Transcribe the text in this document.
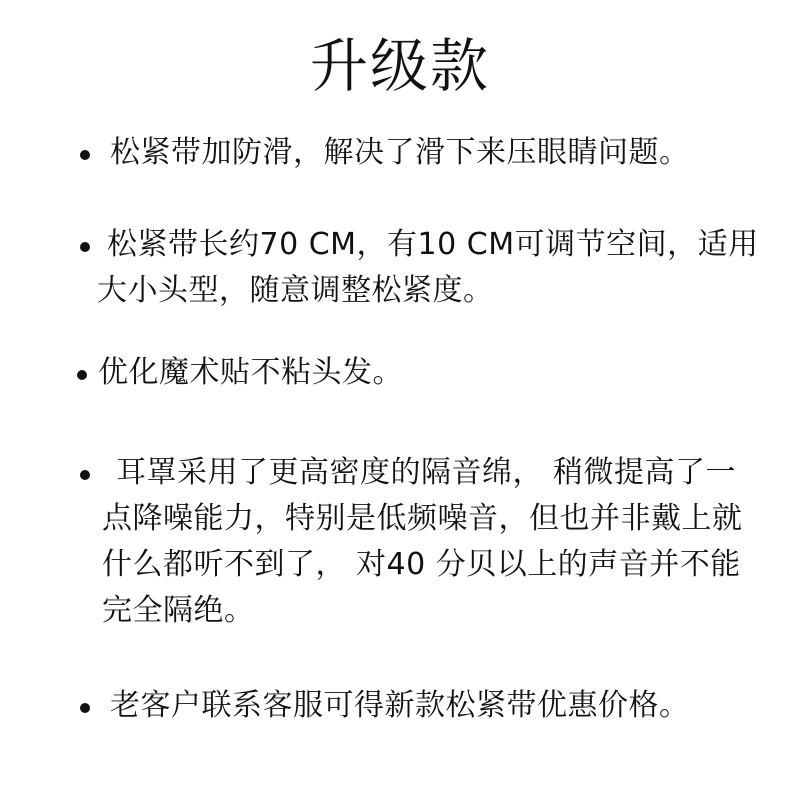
升级款

松紧带加防滑，解决了滑下来压眼睛问题。

松紧带长约70 CM，有10 CM可调节空间，适用大小头型，随意调整松紧度。

优化魔术贴不粘头发。

耳罩采用了更高密度的隔音绵， 稍微提高了一点降噪能力，特别是低频噪音，但也并非戴上就什么都听不到了， 对40 分贝以上的声音并不能完全隔绝。

老客户联系客服可得新款松紧带优惠价格。
